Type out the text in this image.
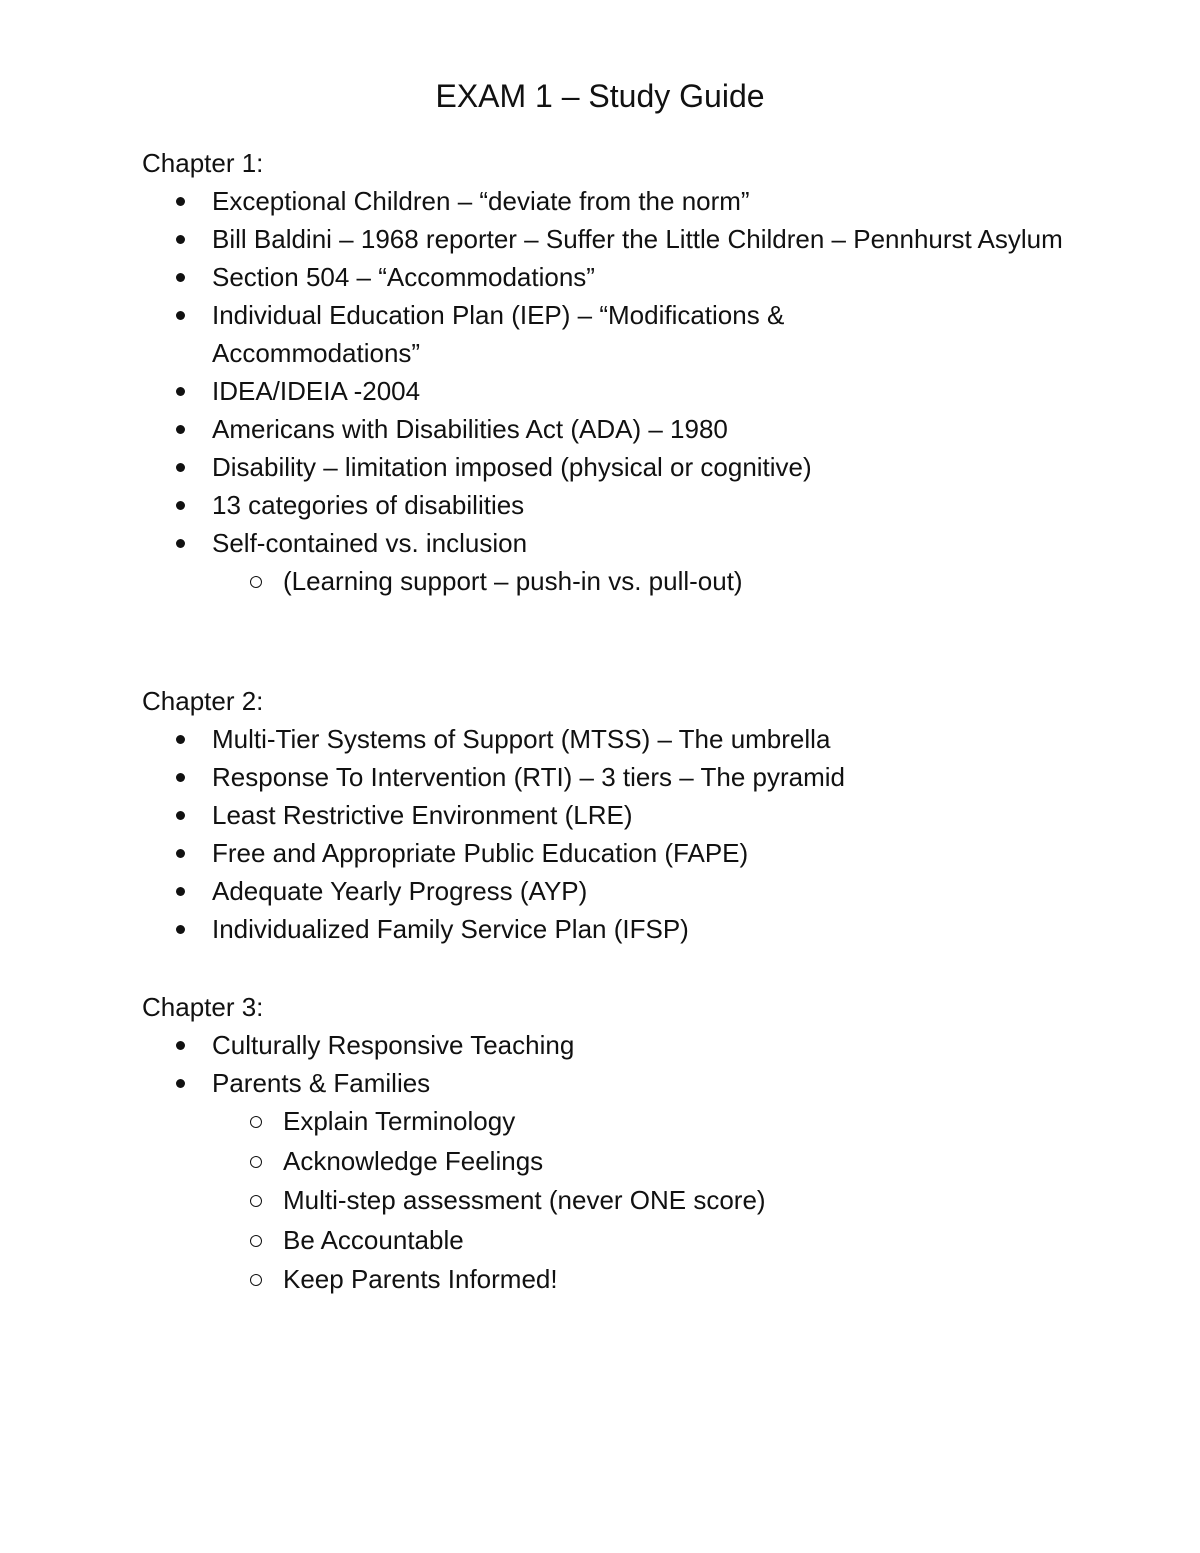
EXAM 1 – Study Guide
Chapter 1:
Exceptional Children – “deviate from the norm”
Bill Baldini – 1968 reporter – Suffer the Little Children – Pennhurst Asylum
Section 504 – “Accommodations”
Individual Education Plan (IEP) – “Modifications & Accommodations”
IDEA/IDEIA -2004
Americans with Disabilities Act (ADA) – 1980
Disability – limitation imposed (physical or cognitive)
13 categories of disabilities
Self-contained vs. inclusion
(Learning support – push-in vs. pull-out)
Chapter 2:
Multi-Tier Systems of Support (MTSS) – The umbrella
Response To Intervention (RTI) – 3 tiers – The pyramid
Least Restrictive Environment (LRE)
Free and Appropriate Public Education (FAPE)
Adequate Yearly Progress (AYP)
Individualized Family Service Plan (IFSP)
Chapter 3:
Culturally Responsive Teaching
Parents & Families
Explain Terminology
Acknowledge Feelings
Multi-step assessment (never ONE score)
Be Accountable
Keep Parents Informed!
